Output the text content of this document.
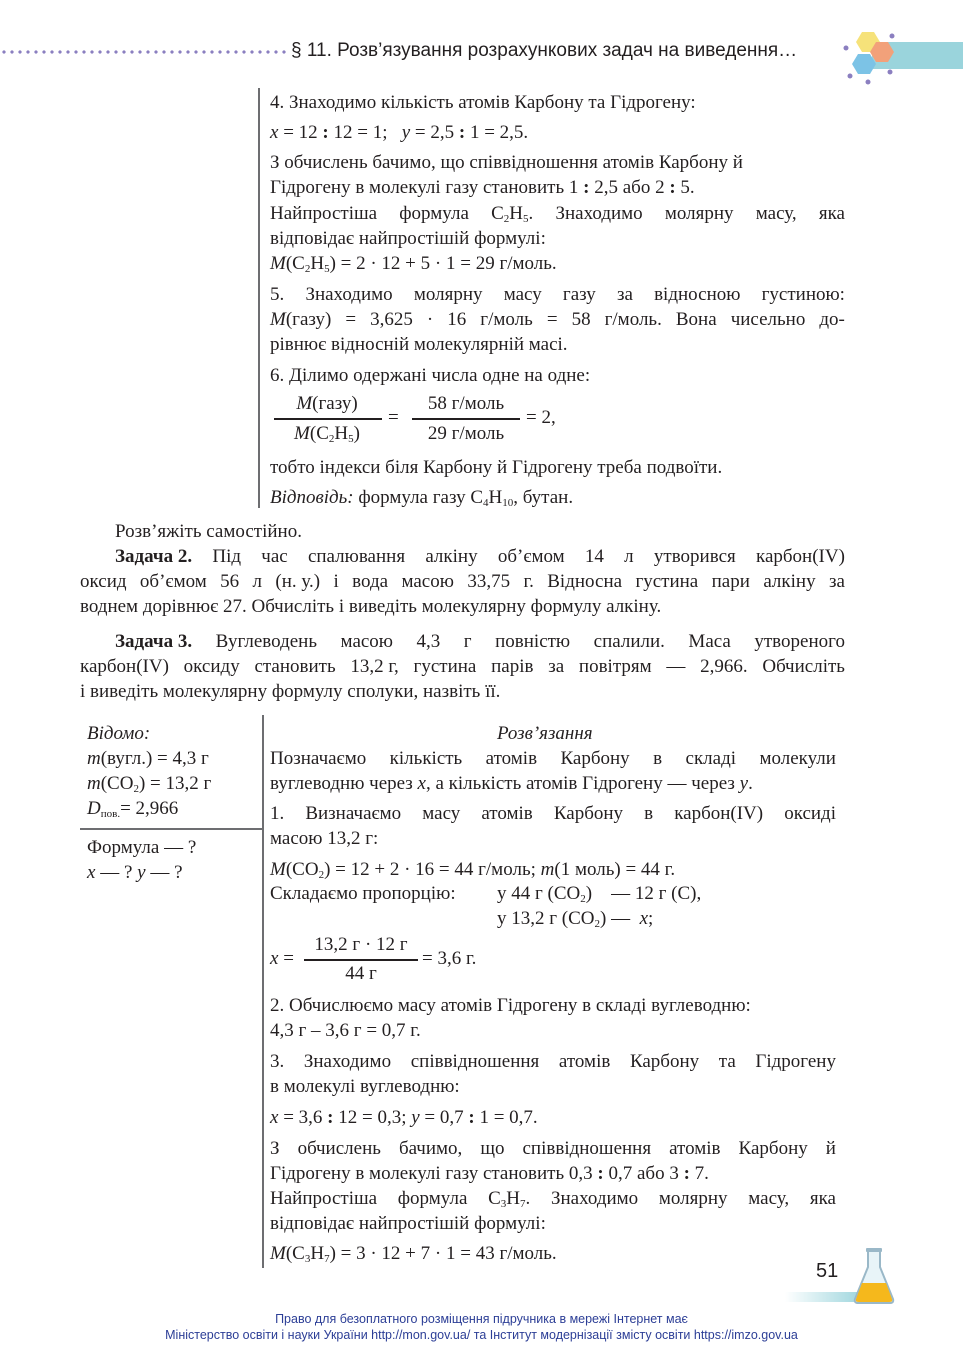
§ 11. Розв’язування розрахункових задач на виведення…
4. Знаходимо кількість атомів Карбону та Гідрогену:
x = 12 : 12 = 1;   y = 2,5 : 1 = 2,5.
З обчислень бачимо, що співвідношення атомів Карбону й
Гідрогену в молекулі газу становить 1 : 2,5 або 2 : 5.
Найпростіша формула $C_2H_5$. Знаходимо молярну масу, яка
відповідає найпростішій формулі:
$M(C_2H_5) = 2 \cdot 12 + 5 \cdot 1 = 29$ г/моль.
5. Знаходимо молярну масу газу за відносною густиною:
M(газу) = 3,625 · 16 г/моль = 58 г/моль. Вона чисельно до-
рівнює відносній молекулярній масі.
6. Ділимо одержані числа одне на одне:
M(газу)
$M(C_2H_5)$
=
58 г/моль
29 г/моль
= 2,
тобто індекси біля Карбону й Гідрогену треба подвоїти.
Відповідь: формула газу $C_4H_{10}$, бутан.
Розв’яжіть самостійно.
Задача 2. Під час спалювання алкіну об’ємом 14 л утворився карбон(IV)
оксид об’ємом 56 л (н. у.) і вода масою 33,75 г. Відносна густина пари алкіну за
воднем дорівнює 27. Обчисліть і виведіть молекулярну формулу алкіну.
Задача 3. Вуглеводень масою 4,3 г повністю спалили. Маса утвореного
карбон(IV) оксиду становить 13,2 г, густина парів за повітрям — 2,966. Обчисліть
і виведіть молекулярну формулу сполуки, назвіть її.
Відомо:
m(вугл.) = 4,3 г
$m(CO_2) = 13,2$ г
$D_{пов.}= 2,966$
Формула — ?
x — ? y — ?
Розв’язання
Позначаємо кількість атомів Карбону в складі молекули
вуглеводню через x, а кількість атомів Гідрогену — через y.
1. Визначаємо масу атомів Карбону в карбон(IV) оксиді
масою 13,2 г:
$M(CO_2) = 12 + 2 \cdot 16 = 44$ г/моль; m(1 моль) = 44 г.
Складаємо пропорцію: у 44 г $(CO_2)$    — 12 г (C),
у 13,2 г $(CO_2)$ —  x;
x =
13,2 г · 12 г
44 г
= 3,6 г.
2. Обчислюємо масу атомів Гідрогену в складі вуглеводню:
4,3 г – 3,6 г = 0,7 г.
3. Знаходимо співвідношення атомів Карбону та Гідрогену
в молекулі вуглеводню:
x = 3,6 : 12 = 0,3; y = 0,7 : 1 = 0,7.
З обчислень бачимо, що співвідношення атомів Карбону й
Гідрогену в молекулі газу становить 0,3 : 0,7 або 3 : 7.
Найпростіша формула $C_3H_7$. Знаходимо молярну масу, яка
відповідає найпростішій формулі:
$M(C_3H_7) = 3 \cdot 12 + 7 \cdot 1 = 43$ г/моль.
51
Право для безоплатного розміщення підручника в мережі Інтернет має
Міністерство освіти і науки України http://mon.gov.ua/ та Інститут модернізації змісту освіти https://imzo.gov.ua
